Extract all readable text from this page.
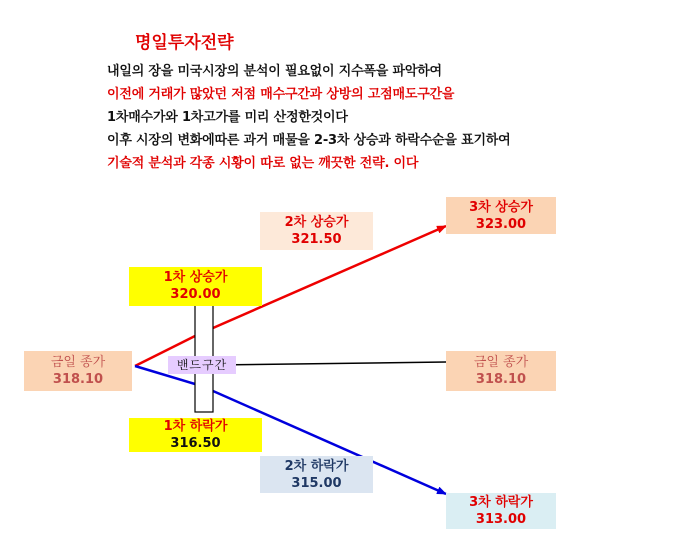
명일투자전략
내일의 장을 미국시장의 분석이 필요없이 지수폭을 파악하여
이전에 거래가 많았던 저점 매수구간과 상방의 고점매도구간을
1차매수가와 1차고가를 미리 산정한것이다
이후 시장의 변화에따른 과거 매물을 2-3차 상승과 하락수순을 표기하여
기술적 분석과 각종 시황이 따로 없는 깨끗한 전략. 이다
밴드구간
금일 종가
318.10
1차 상승가
320.00
2차 상승가
321.50
3차 상승가
323.00
금일 종가
318.10
1차 하락가
316.50
2차 하락가
315.00
3차 하락가
313.00
